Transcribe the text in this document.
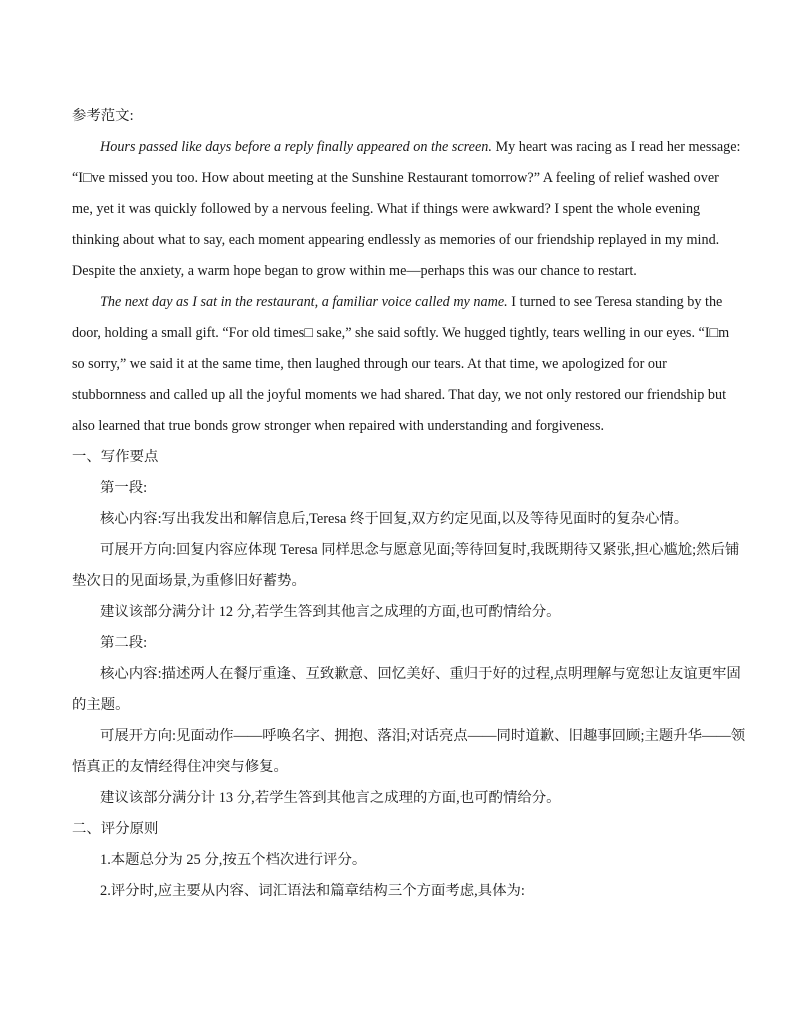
参考范文:

Hours passed like days before a reply finally appeared on the screen. My heart was racing as I read her message:

“I□ve missed you too. How about meeting at the Sunshine Restaurant tomorrow?” A feeling of relief washed over

me, yet it was quickly followed by a nervous feeling. What if things were awkward? I spent the whole evening

thinking about what to say, each moment appearing endlessly as memories of our friendship replayed in my mind.

Despite the anxiety, a warm hope began to grow within me—perhaps this was our chance to restart.

The next day as I sat in the restaurant, a familiar voice called my name. I turned to see Teresa standing by the

door, holding a small gift. “For old times□ sake,” she said softly. We hugged tightly, tears welling in our eyes. “I□m

so sorry,” we said it at the same time, then laughed through our tears. At that time, we apologized for our

stubbornness and called up all the joyful moments we had shared. That day, we not only restored our friendship but

also learned that true bonds grow stronger when repaired with understanding and forgiveness.

一、写作要点

第一段:

核心内容:写出我发出和解信息后,Teresa 终于回复,双方约定见面,以及等待见面时的复杂心情。

可展开方向:回复内容应体现 Teresa 同样思念与愿意见面;等待回复时,我既期待又紧张,担心尴尬;然后铺

垫次日的见面场景,为重修旧好蓄势。

建议该部分满分计 12 分,若学生答到其他言之成理的方面,也可酌情给分。

第二段:

核心内容:描述两人在餐厅重逢、互致歉意、回忆美好、重归于好的过程,点明理解与宽恕让友谊更牢固

的主题。

可展开方向:见面动作——呼唤名字、拥抱、落泪;对话亮点——同时道歉、旧趣事回顾;主题升华——领

悟真正的友情经得住冲突与修复。

建议该部分满分计 13 分,若学生答到其他言之成理的方面,也可酌情给分。

二、评分原则

1.本题总分为 25 分,按五个档次进行评分。

2.评分时,应主要从内容、词汇语法和篇章结构三个方面考虑,具体为:
